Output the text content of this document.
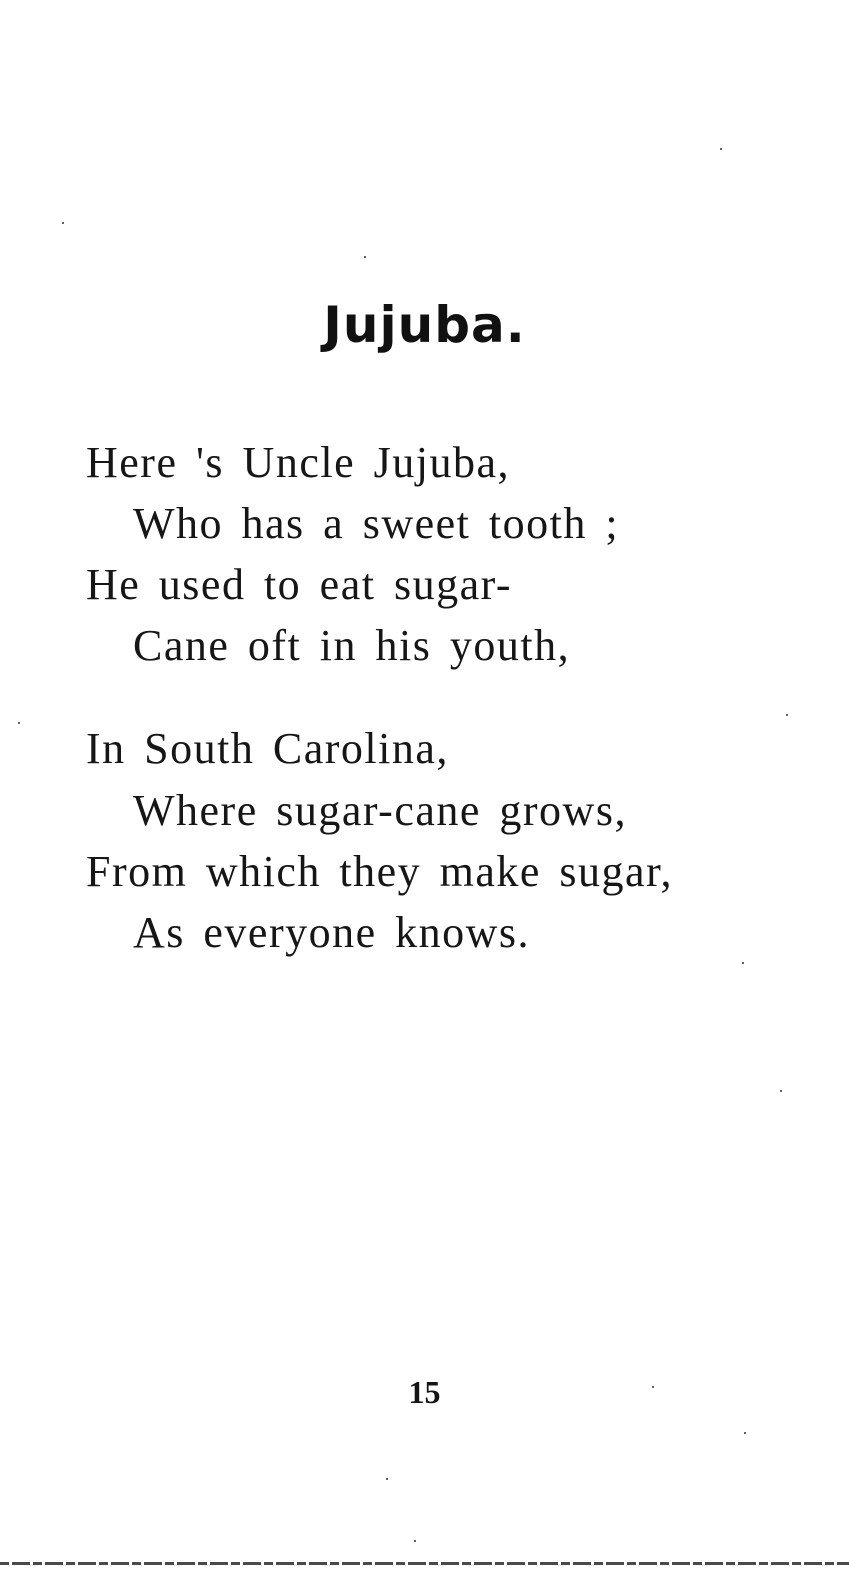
Jujuba.
Here 's Uncle Jujuba,
Who has a sweet tooth ;
He used to eat sugar-
Cane oft in his youth,
In South Carolina,
Where sugar-cane grows,
From which they make sugar,
As everyone knows.
15
